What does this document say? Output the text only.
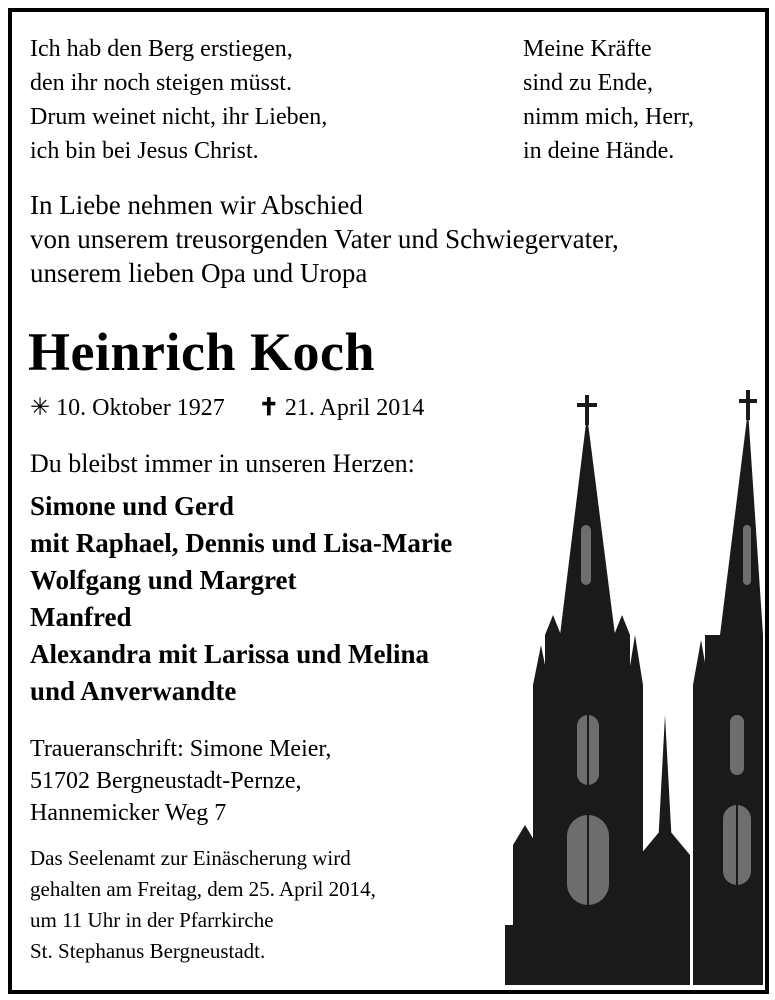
Ich hab den Berg erstiegen,
den ihr noch steigen müsst.
Drum weinet nicht, ihr Lieben,
ich bin bei Jesus Christ.
Meine Kräfte
sind zu Ende,
nimm mich, Herr,
in deine Hände.
In Liebe nehmen wir Abschied
von unserem treusorgenden Vater und Schwiegervater,
unserem lieben Opa und Uropa
Heinrich Koch
✳ 10. Oktober 1927 ✝ 21. April 2014
Du bleibst immer in unseren Herzen:
Simone und Gerd
mit Raphael, Dennis und Lisa-Marie
Wolfgang und Margret
Manfred
Alexandra mit Larissa und Melina
und Anverwandte
Traueranschrift: Simone Meier,
51702 Bergneustadt-Pernze,
Hannemicker Weg 7
Das Seelenamt zur Einäscherung wird
gehalten am Freitag, dem 25. April 2014,
um 11 Uhr in der Pfarrkirche
St. Stephanus Bergneustadt.
